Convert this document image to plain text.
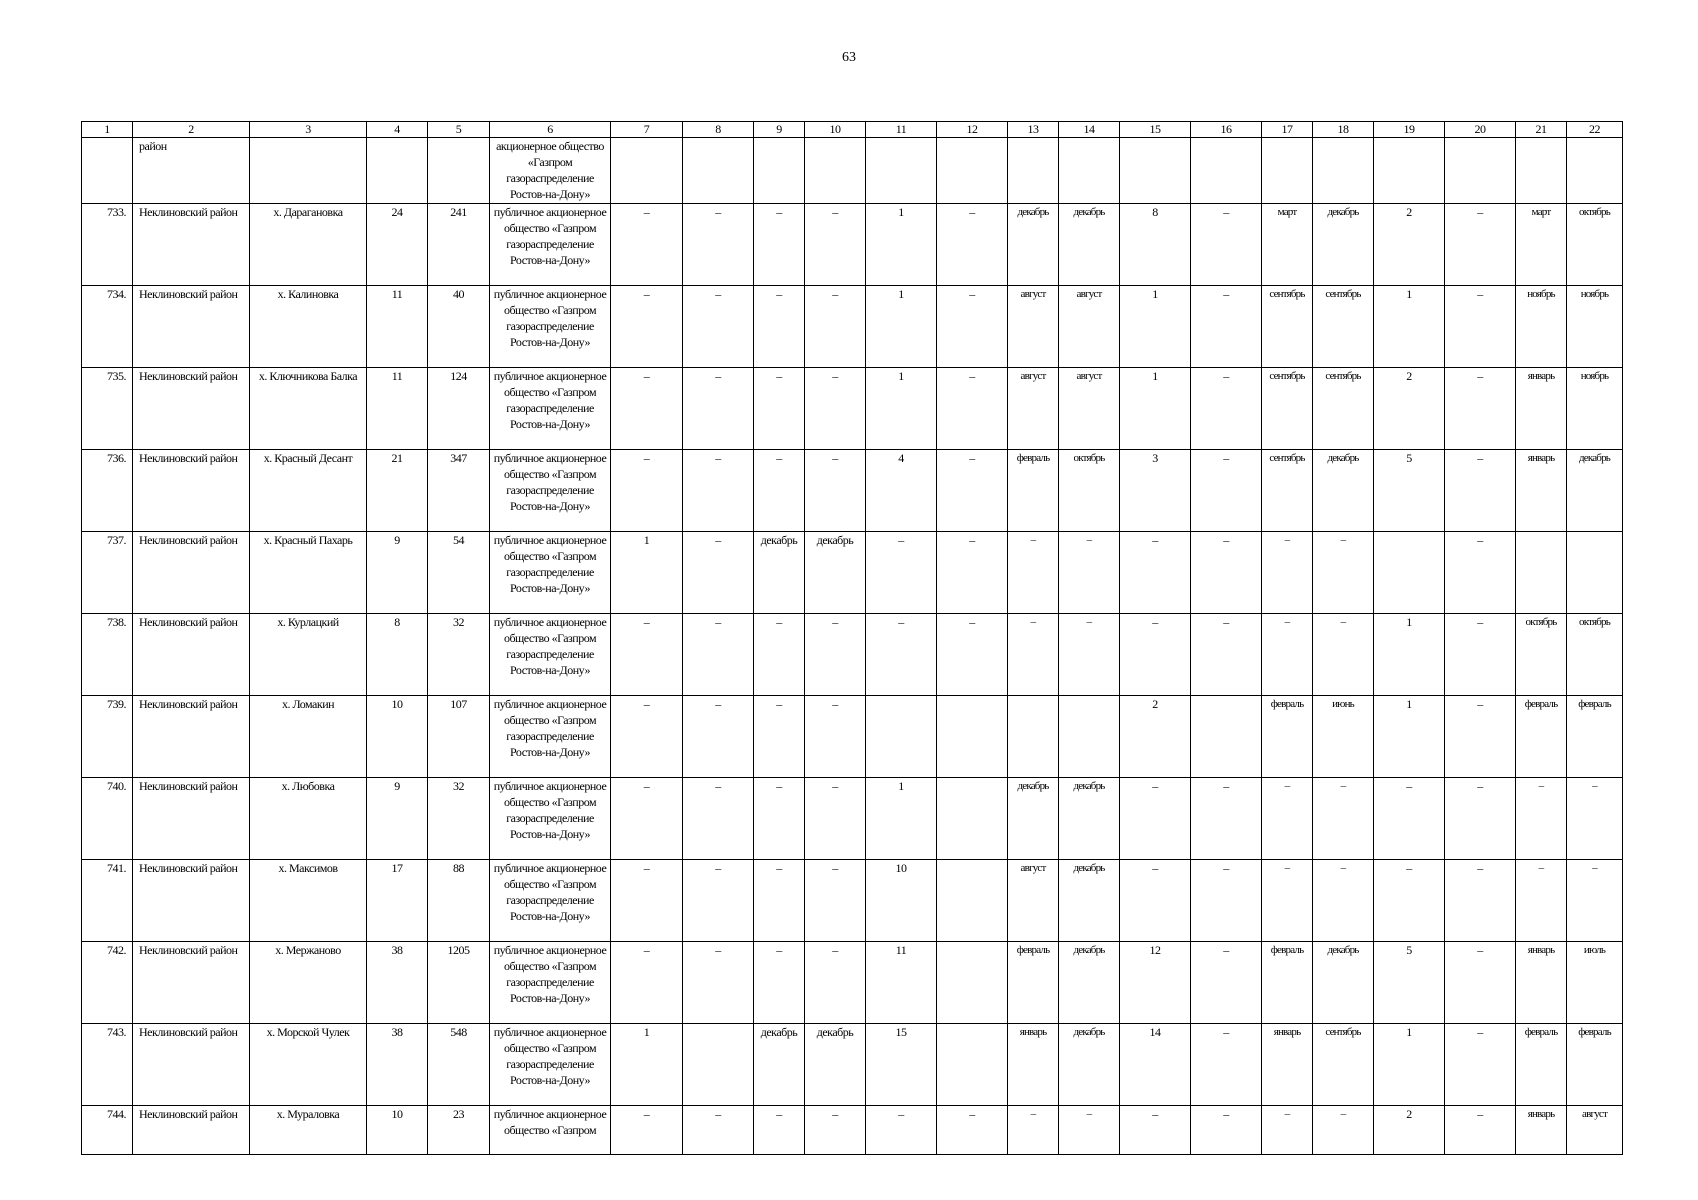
63
1	2	3	4	5	6	7	8	9	10	11	12	13	14	15	16	17	18	19	20	21	22
	район				акционерное общество «Газпром газораспределение Ростов-на-Дону»																
733.	Неклиновский район	х. Дарагановка	24	241	публичное акционерное общество «Газпром газораспределение Ростов-на-Дону»	–	–	–	–	1	–	декабрь	декабрь	8	–	март	декабрь	2	–	март	октябрь
734.	Неклиновский район	х. Калиновка	11	40	публичное акционерное общество «Газпром газораспределение Ростов-на-Дону»	–	–	–	–	1	–	август	август	1	–	сентябрь	сентябрь	1	–	ноябрь	ноябрь
735.	Неклиновский район	х. Ключникова Балка	11	124	публичное акционерное общество «Газпром газораспределение Ростов-на-Дону»	–	–	–	–	1	–	август	август	1	–	сентябрь	сентябрь	2	–	январь	ноябрь
736.	Неклиновский район	х. Красный Десант	21	347	публичное акционерное общество «Газпром газораспределение Ростов-на-Дону»	–	–	–	–	4	–	февраль	октябрь	3	–	сентябрь	декабрь	5	–	январь	декабрь
737.	Неклиновский район	х. Красный Пахарь	9	54	публичное акционерное общество «Газпром газораспределение Ростов-на-Дону»	1	–	декабрь	декабрь	–	–	–	–	–	–	–	–		–		
738.	Неклиновский район	х. Курлацкий	8	32	публичное акционерное общество «Газпром газораспределение Ростов-на-Дону»	–	–	–	–	–	–	–	–	–	–	–	–	1	–	октябрь	октябрь
739.	Неклиновский район	х. Ломакин	10	107	публичное акционерное общество «Газпром газораспределение Ростов-на-Дону»	–	–	–	–					2		февраль	июнь	1	–	февраль	февраль
740.	Неклиновский район	х. Любовка	9	32	публичное акционерное общество «Газпром газораспределение Ростов-на-Дону»	–	–	–	–	1		декабрь	декабрь	–	–	–	–	–	–	–	–
741.	Неклиновский район	х. Максимов	17	88	публичное акционерное общество «Газпром газораспределение Ростов-на-Дону»	–	–	–	–	10		август	декабрь	–	–	–	–	–	–	–	–
742.	Неклиновский район	х. Мержаново	38	1205	публичное акционерное общество «Газпром газораспределение Ростов-на-Дону»	–	–	–	–	11		февраль	декабрь	12	–	февраль	декабрь	5	–	январь	июль
743.	Неклиновский район	х. Морской Чулек	38	548	публичное акционерное общество «Газпром газораспределение Ростов-на-Дону»	1		декабрь	декабрь	15		январь	декабрь	14	–	январь	сентябрь	1	–	февраль	февраль
744.	Неклиновский район	х. Мураловка	10	23	публичное акционерное общество «Газпром	–	–	–	–	–	–	–	–	–	–	–	–	2	–	январь	август
